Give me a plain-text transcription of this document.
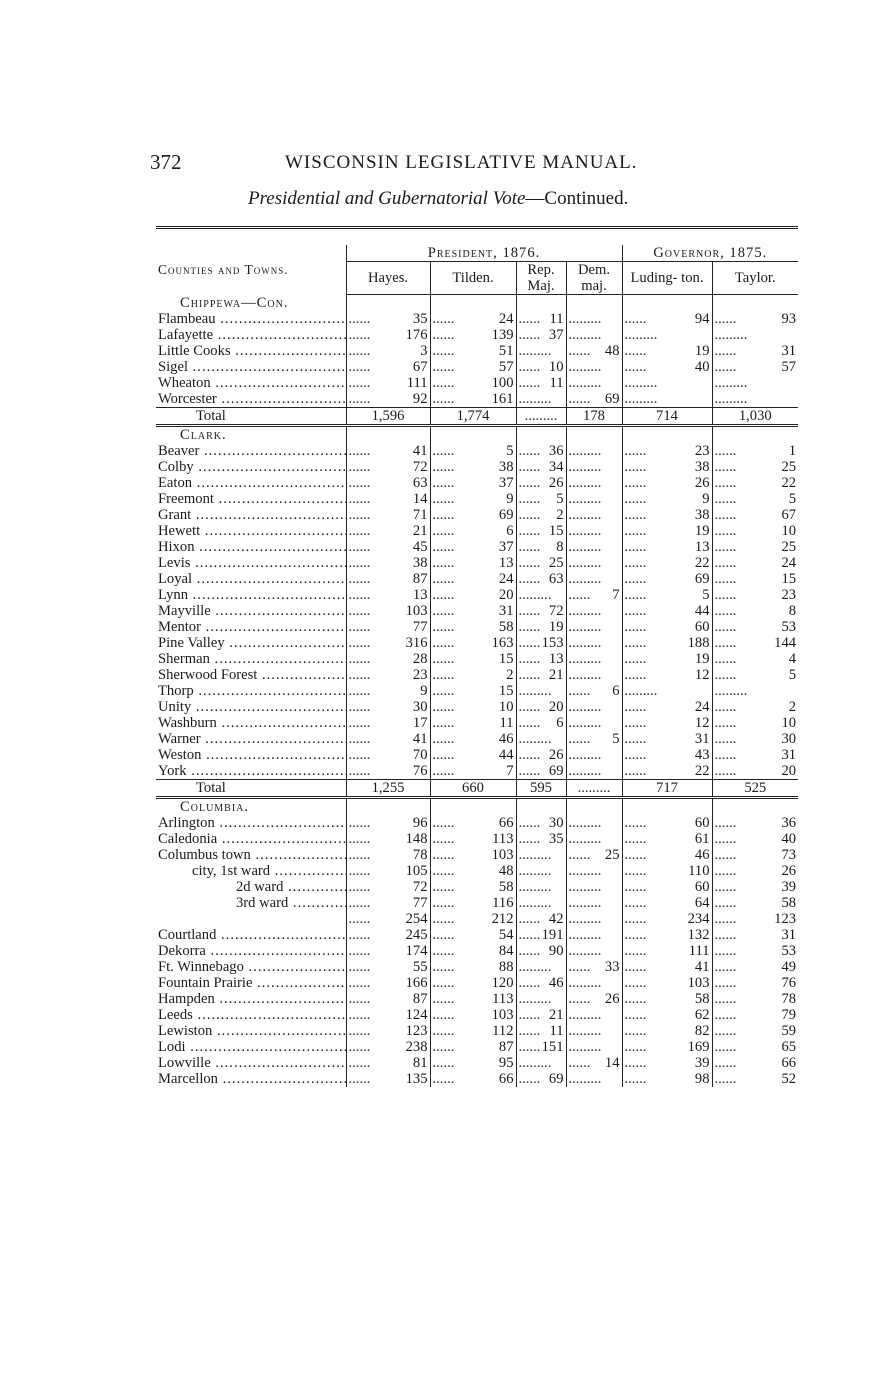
372	WISCONSIN LEGISLATIVE MANUAL.
Presidential and Gubernatorial Vote—Continued.

Counties and Towns.	President, 1876.				Governor, 1875.	
	Hayes.	Tilden.	Rep. Maj.	Dem. maj.	Luding- ton.	Taylor.
Chippewa—Con.						
Flambeau .....	...... 35	...... 24	...... 11	.....	...... 94	...... 93
Lafayette .....	...... 176	...... 139	...... 37	.....	.....	.....
Little Cooks .....	...... 3	...... 51	.....	...... 48	...... 19	...... 31
Sigel .....	...... 67	...... 57	...... 10	.....	...... 40	...... 57
Wheaton .....	...... 111	...... 100	...... 11	.....	.....	.....
Worcester .....	...... 92	...... 161	.....	...... 69	.....	.....
Total	1,596	1,774	.....	178	714	1,030
Clark.						
Beaver .....	...... 41	...... 5	...... 36	.....	...... 23	...... 1
Colby .....	...... 72	...... 38	...... 34	.....	...... 38	...... 25
Eaton .....	...... 63	...... 37	...... 26	.....	...... 26	...... 22
Freemont .....	...... 14	...... 9	...... 5	.....	...... 9	...... 5
Grant .....	...... 71	...... 69	...... 2	.....	...... 38	...... 67
Hewett .....	...... 21	...... 6	...... 15	.....	...... 19	...... 10
Hixon .....	...... 45	...... 37	...... 8	.....	...... 13	...... 25
Levis .....	...... 38	...... 13	...... 25	.....	...... 22	...... 24
Loyal .....	...... 87	...... 24	...... 63	.....	...... 69	...... 15
Lynn .....	...... 13	...... 20	.....	...... 7	...... 5	...... 23
Mayville .....	...... 103	...... 31	...... 72	.....	...... 44	...... 8
Mentor .....	...... 77	...... 58	...... 19	.....	...... 60	...... 53
Pine Valley .....	...... 316	...... 163	...... 153	.....	...... 188	...... 144
Sherman .....	...... 28	...... 15	...... 13	.....	...... 19	...... 4
Sherwood Forest .....	...... 23	...... 2	...... 21	.....	...... 12	...... 5
Thorp .....	...... 9	...... 15	.....	...... 6	.....	.....
Unity .....	...... 30	...... 10	...... 20	.....	...... 24	...... 2
Washburn .....	...... 17	...... 11	...... 6	.....	...... 12	...... 10
Warner .....	...... 41	...... 46	.....	...... 5	...... 31	...... 30
Weston .....	...... 70	...... 44	...... 26	.....	...... 43	...... 31
York .....	...... 76	...... 7	...... 69	.....	...... 22	...... 20
Total	1,255	660	595	.....	717	525
Columbia.						
Arlington .....	...... 96	...... 66	...... 30	.....	...... 60	...... 36
Caledonia .....	...... 148	...... 113	...... 35	.....	...... 61	...... 40
Columbus town .....	...... 78	...... 103	.....	...... 25	...... 46	...... 73
city, 1st ward .....	...... 105	...... 48	.....	.....	...... 110	...... 26
2d ward .....	...... 72	...... 58	.....	.....	...... 60	...... 39
3rd ward .....	...... 77	...... 116	.....	.....	...... 64	...... 58
	...... 254	...... 212	...... 42	.....	...... 234	...... 123
Courtland .....	...... 245	...... 54	...... 191	.....	...... 132	...... 31
Dekorra .....	...... 174	...... 84	...... 90	.....	...... 111	...... 53
Ft. Winnebago .....	...... 55	...... 88	.....	...... 33	...... 41	...... 49
Fountain Prairie .....	...... 166	...... 120	...... 46	.....	...... 103	...... 76
Hampden .....	...... 87	...... 113	.....	...... 26	...... 58	...... 78
Leeds .....	...... 124	...... 103	...... 21	.....	...... 62	...... 79
Lewiston .....	...... 123	...... 112	...... 11	.....	...... 82	...... 59
Lodi .....	...... 238	...... 87	...... 151	.....	...... 169	...... 65
Lowville .....	...... 81	...... 95	.....	...... 14	...... 39	...... 66
Marcellon .....	...... 135	...... 66	...... 69	.....	...... 98	...... 52
